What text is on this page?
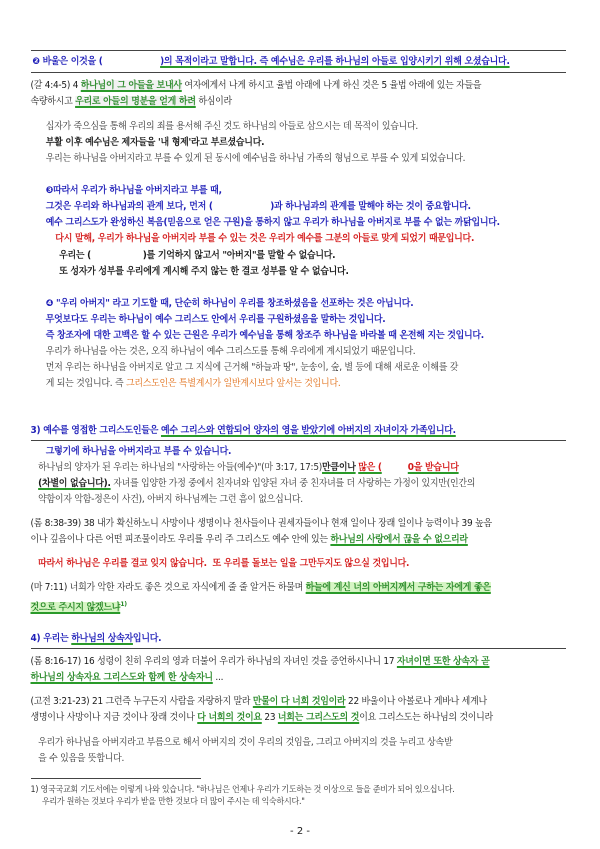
❷ 바울은 이것을 (	)의 목적이라고 말합니다. 즉 예수님은 우리를 하나님의 아들로 입양시키기 위해 오셨습니다.
(갈 4:4-5) 4 하나님이 그 아들을 보내사 여자에게서 나게 하시고 율법 아래에 나게 하신 것은 5 율법 아래에 있는 자들을
속량하시고 우리로 아들의 명분을 얻게 하려 하심이라
십자가 죽으심을 통해 우리의 죄를 용서해 주신 것도 하나님의 아들로 삼으시는 데 목적이 있습니다.
부활 이후 예수님은 제자들을 '내 형제'라고 부르셨습니다.
우리는 하나님을 아버지라고 부를 수 있게 된 동시에 예수님을 하나님 가족의 형님으로 부를 수 있게 되었습니다.
❸따라서 우리가 하나님을 아버지라고 부를 때,
그것은 우리와 하나님과의 관계 보다, 먼저 (	)과 하나님과의 관계를 말해야 하는 것이 중요합니다.
예수 그리스도가 완성하신 복음(믿음으로 얻은 구원)을 통하지 않고 우리가 하나님을 아버지로 부를 수 없는 까닭입니다.
다시 말해, 우리가 하나님을 아버지라 부를 수 있는 것은 우리가 예수를 그분의 아들로 맞게 되었기 때문입니다.
우리는 (	)를 기억하지 않고서 "아버지"를 말할 수 없습니다.
또 성자가 성부를 우리에게 계시해 주지 않는 한 결코 성부를 알 수 없습니다.
❹ "우리 아버지" 라고 기도할 때, 단순히 하나님이 우리를 창조하셨음을 선포하는 것은 아닙니다.
무엇보다도 우리는 하나님이 예수 그리스도 안에서 우리를 구원하셨음을 말하는 것입니다.
즉 창조자에 대한 고백은 할 수 있는 근원은 우리가 예수님을 통해 창조주 하나님을 바라볼 때 온전해 지는 것입니다.
우리가 하나님을 아는 것은, 오직 하나님이 예수 그리스도를 통해 우리에게 계시되었기 때문입니다.
먼저 우리는 하나님을 아버지로 알고 그 지식에 근거해 "하늘과 땅", 눈송이, 숲, 별 등에 대해 새로운 이해를 갖
게 되는 것입니다. 즉 그리스도인은 특별계시가 일반계시보다 앞서는 것입니다.
3) 예수를 영접한 그리스도인들은 예수 그리스와 연합되어 양자의 영을 받았기에 아버지의 자녀이자 가족입니다.
그렇기에 하나님을 아버지라고 부를 수 있습니다.
하나님의 양자가 된 우리는 하나님의 "사랑하는 아들(예수)"(마 3:17, 17:5)만큼이나 많은 (	0을 받습니다
(차별이 없습니다). 자녀를 입양한 가정 중에서 친자녀와 입양된 자녀 중 친자녀를 더 사랑하는 가정이 있지만(인간의
약함이자 악함-정은이 사건), 아버지 하나님께는 그런 흠이 없으십니다.
(롬 8:38-39) 38 내가 확신하노니 사망이나 생명이나 천사들이나 권세자들이나 현재 일이나 장래 일이나 능력이나 39 높음
이나 깊음이나 다른 어떤 피조물이라도 우리를 우리 주 그리스도 예수 안에 있는 하나님의 사랑에서 끊을 수 없으리라
따라서 하나님은 우리를 결코 잊지 않습니다.  또 우리를 돌보는 일을 그만두지도 않으실 것입니다.
(마 7:11) 너희가 악한 자라도 좋은 것으로 자식에게 줄 줄 알거든 하물며 하늘에 계신 너의 아버지께서 구하는 자에게 좋은
것으로 주시지 않겠느냐$^{1)}$
4) 우리는 하나님의 상속자입니다.
(롬 8:16-17) 16 성령이 친히 우리의 영과 더불어 우리가 하나님의 자녀인 것을 증언하시나니 17 자녀이면 또한 상속자 곧
하나님의 상속자요 그리스도와 함께 한 상속자니 ...
(고전 3:21-23) 21 그런즉 누구든지 사람을 자랑하지 말라 만물이 다 너희 것임이라 22 바울이나 아볼로나 게바나 세계나
생명이나 사망이나 지금 것이나 장래 것이나 다 너희의 것이요 23 너희는 그리스도의 것이요 그리스도는 하나님의 것이니라
우리가 하나님을 아버지라고 부름으로 해서 아버지의 것이 우리의 것임을, 그리고 아버지의 것을 누리고 상속받
을 수 있음을 뜻합니다.
1) 영국국교회 기도서에는 이렇게 나와 있습니다. "하나님은 언제나 우리가 기도하는 것 이상으로 들을 준비가 되어 있으십니다.
우리가 원하는 것보다 우리가 받을 만한 것보다 더 많이 주시는 데 익숙하시다."
- 2 -
